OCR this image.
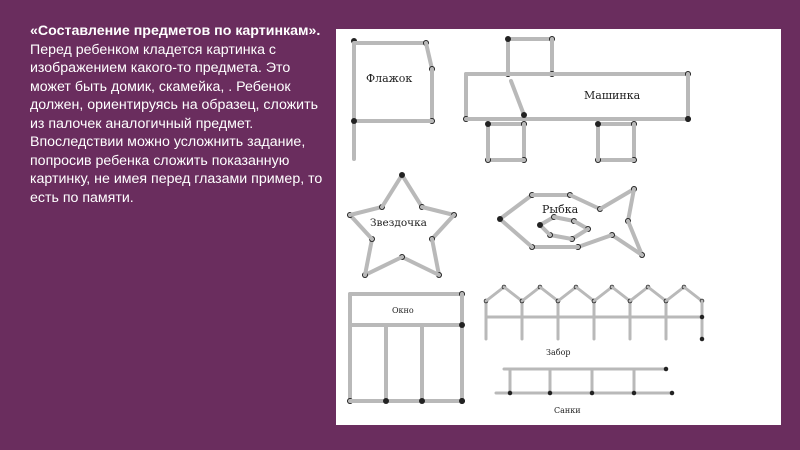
«Составление предметов по картинкам».
Перед ребенком кладется картинка с изображением какого-то предмета. Это может быть домик, скамейка, . Ребенок должен, ориентируясь на образец, сложить из палочек аналогичный предмет. Впоследствии можно усложнить задание, попросив ребенка сложить показанную картинку, не имея перед глазами пример, то есть по памяти.
Флажок
Машинка
Звездочка
Рыбка
Окно
Забор
Санки
